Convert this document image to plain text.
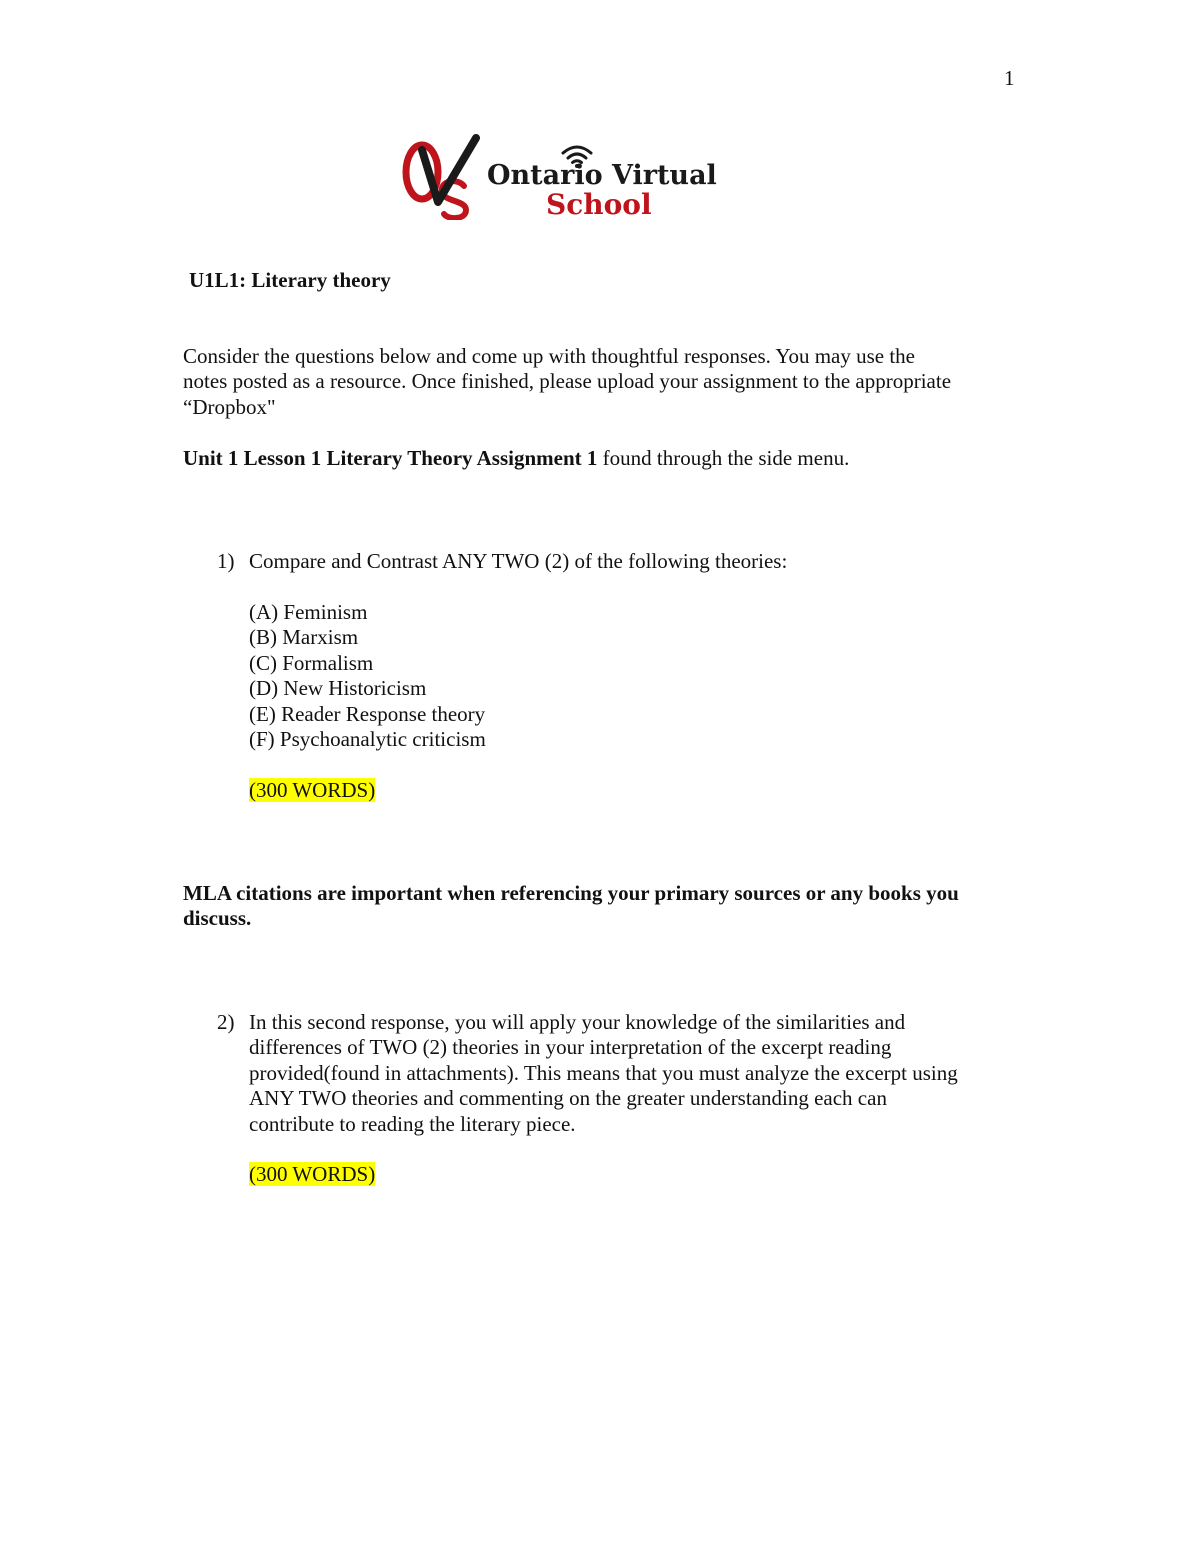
1
Ontario Virtual
School
U1L1: Literary theory
Consider the questions below and come up with thoughtful responses. You may use the
notes posted as a resource. Once finished, please upload your assignment to the appropriate
“Dropbox"
Unit 1 Lesson 1 Literary Theory Assignment 1 found through the side menu.
1) Compare and Contrast ANY TWO (2) of the following theories:
(A) Feminism
(B) Marxism
(C) Formalism
(D) New Historicism
(E) Reader Response theory
(F) Psychoanalytic criticism
(300 WORDS)
MLA citations are important when referencing your primary sources or any books you
discuss.
2) In this second response, you will apply your knowledge of the similarities and
differences of TWO (2) theories in your interpretation of the excerpt reading
provided(found in attachments). This means that you must analyze the excerpt using
ANY TWO theories and commenting on the greater understanding each can
contribute to reading the literary piece.
(300 WORDS)
